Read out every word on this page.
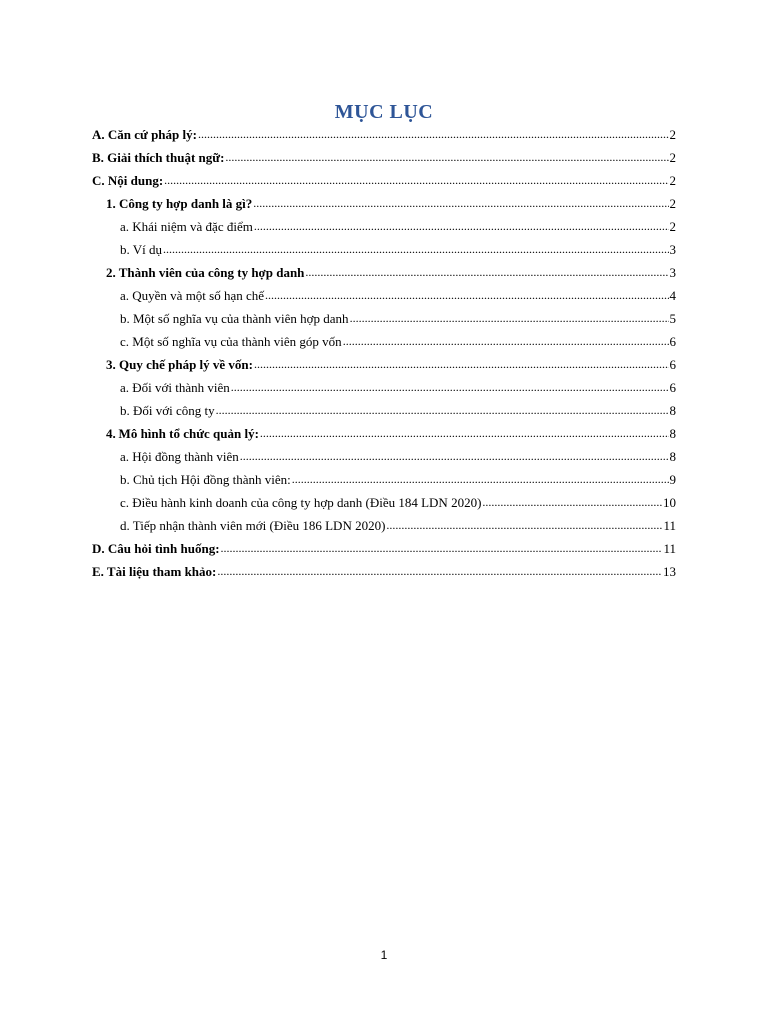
MỤC LỤC
A. Căn cứ pháp lý: .....	2
B. Giải thích thuật ngữ: .....	2
C. Nội dung: .....	2
1. Công ty hợp danh là gì? .....	2
a. Khái niệm và đặc điểm .....	2
b. Ví dụ .....	3
2. Thành viên của công ty hợp danh .....	3
a. Quyền và một số hạn chế .....	4
b. Một số nghĩa vụ của thành viên hợp danh .....	5
c. Một số nghĩa vụ của thành viên góp vốn .....	6
3. Quy chế pháp lý về vốn: .....	6
a. Đối với thành viên .....	6
b. Đối với công ty .....	8
4. Mô hình tổ chức quản lý: .....	8
a. Hội đồng thành viên .....	8
b. Chủ tịch Hội đồng thành viên: .....	9
c. Điều hành kinh doanh của công ty hợp danh (Điều 184 LDN 2020) .....	10
d. Tiếp nhận thành viên mới (Điều 186 LDN 2020) .....	11
D. Câu hỏi tình huống: .....	11
E. Tài liệu tham khảo: .....	13
1
